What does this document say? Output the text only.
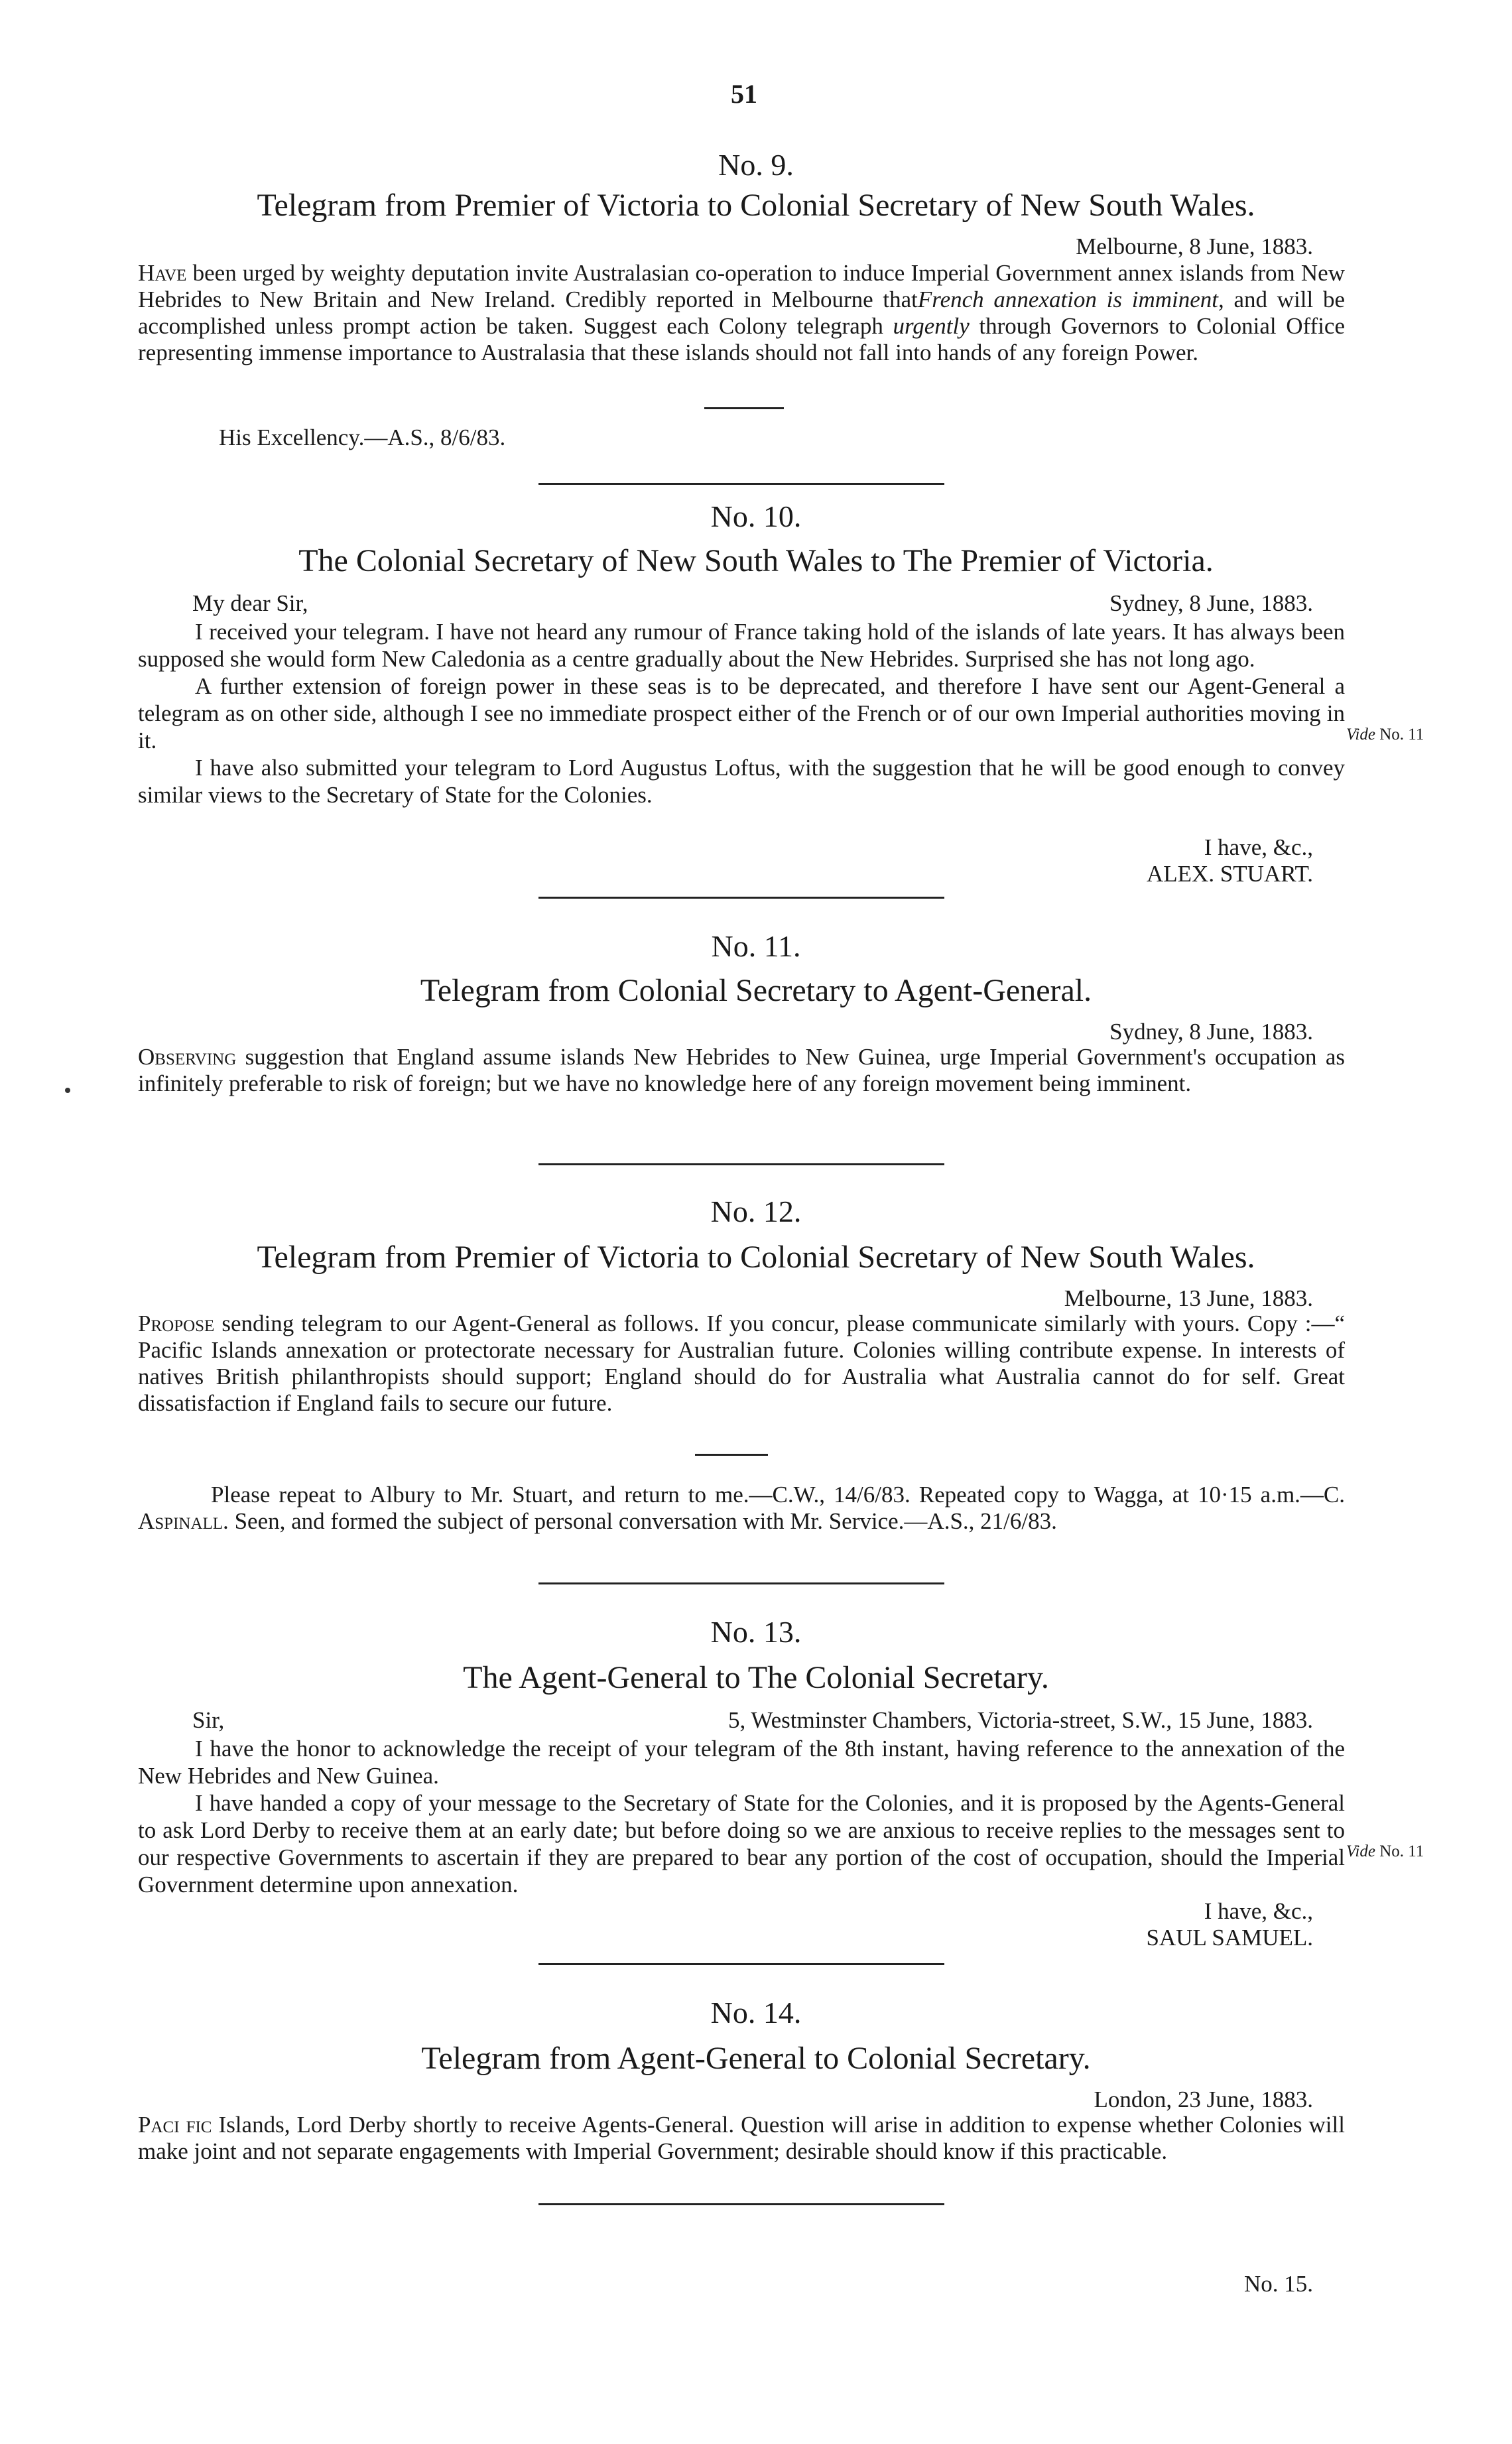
51
No. 9.
Telegram from Premier of Victoria to Colonial Secretary of New South Wales.
Melbourne, 8 June, 1883.
Have been urged by weighty deputation invite Australasian co-operation to induce Imperial Government annex islands from New Hebrides to New Britain and New Ireland. Credibly reported in Melbourne thatFrench annexation is imminent, and will be accomplished unless prompt action be taken. Suggest each Colony telegraph urgently through Governors to Colonial Office representing immense importance to Australasia that these islands should not fall into hands of any foreign Power.
His Excellency.—A.S., 8/6/83.
No. 10.
The Colonial Secretary of New South Wales to The Premier of Victoria.
My dear Sir,	Sydney, 8 June, 1883.

I received your telegram. I have not heard any rumour of France taking hold of the islands of late years. It has always been supposed she would form New Caledonia as a centre gradually about the New Hebrides. Surprised she has not long ago.

A further extension of foreign power in these seas is to be deprecated, and therefore I have sent our Agent-General a telegram as on other side, although I see no immediate prospect either of the French or of our own Imperial authorities moving in it.

I have also submitted your telegram to Lord Augustus Loftus, with the suggestion that he will be good enough to convey similar views to the Secretary of State for the Colonies.

Vide No. 11
I have, &c.,
ALEX. STUART.
No. 11.
Telegram from Colonial Secretary to Agent-General.
Sydney, 8 June, 1883.
Observing suggestion that England assume islands New Hebrides to New Guinea, urge Imperial Government's occupation as infinitely preferable to risk of foreign; but we have no knowledge here of any foreign movement being imminent.
No. 12.
Telegram from Premier of Victoria to Colonial Secretary of New South Wales.
Melbourne, 13 June, 1883.
Propose sending telegram to our Agent-General as follows. If you concur, please communicate similarly with yours. Copy :—“ Pacific Islands annexation or protectorate necessary for Australian future. Colonies willing contribute expense. In interests of natives British philanthropists should support; England should do for Australia what Australia cannot do for self. Great dissatisfaction if England fails to secure our future.
Please repeat to Albury to Mr. Stuart, and return to me.—C.W., 14/6/83. Repeated copy to Wagga, at 10·15 a.m.—C. Aspinall. Seen, and formed the subject of personal conversation with Mr. Service.—A.S., 21/6/83.
No. 13.
The Agent-General to The Colonial Secretary.
Sir,	5, Westminster Chambers, Victoria-street, S.W., 15 June, 1883.

I have the honor to acknowledge the receipt of your telegram of the 8th instant, having reference to the annexation of the New Hebrides and New Guinea.

I have handed a copy of your message to the Secretary of State for the Colonies, and it is proposed by the Agents-General to ask Lord Derby to receive them at an early date; but before doing so we are anxious to receive replies to the messages sent to our respective Governments to ascertain if they are prepared to bear any portion of the cost of occupation, should the Imperial Government determine upon annexation.

Vide No. 11
I have, &c.,
SAUL SAMUEL.
No. 14.
Telegram from Agent-General to Colonial Secretary.
London, 23 June, 1883.
Paci fic Islands, Lord Derby shortly to receive Agents-General. Question will arise in addition to expense whether Colonies will make joint and not separate engagements with Imperial Government; desirable should know if this practicable.
No. 15.
